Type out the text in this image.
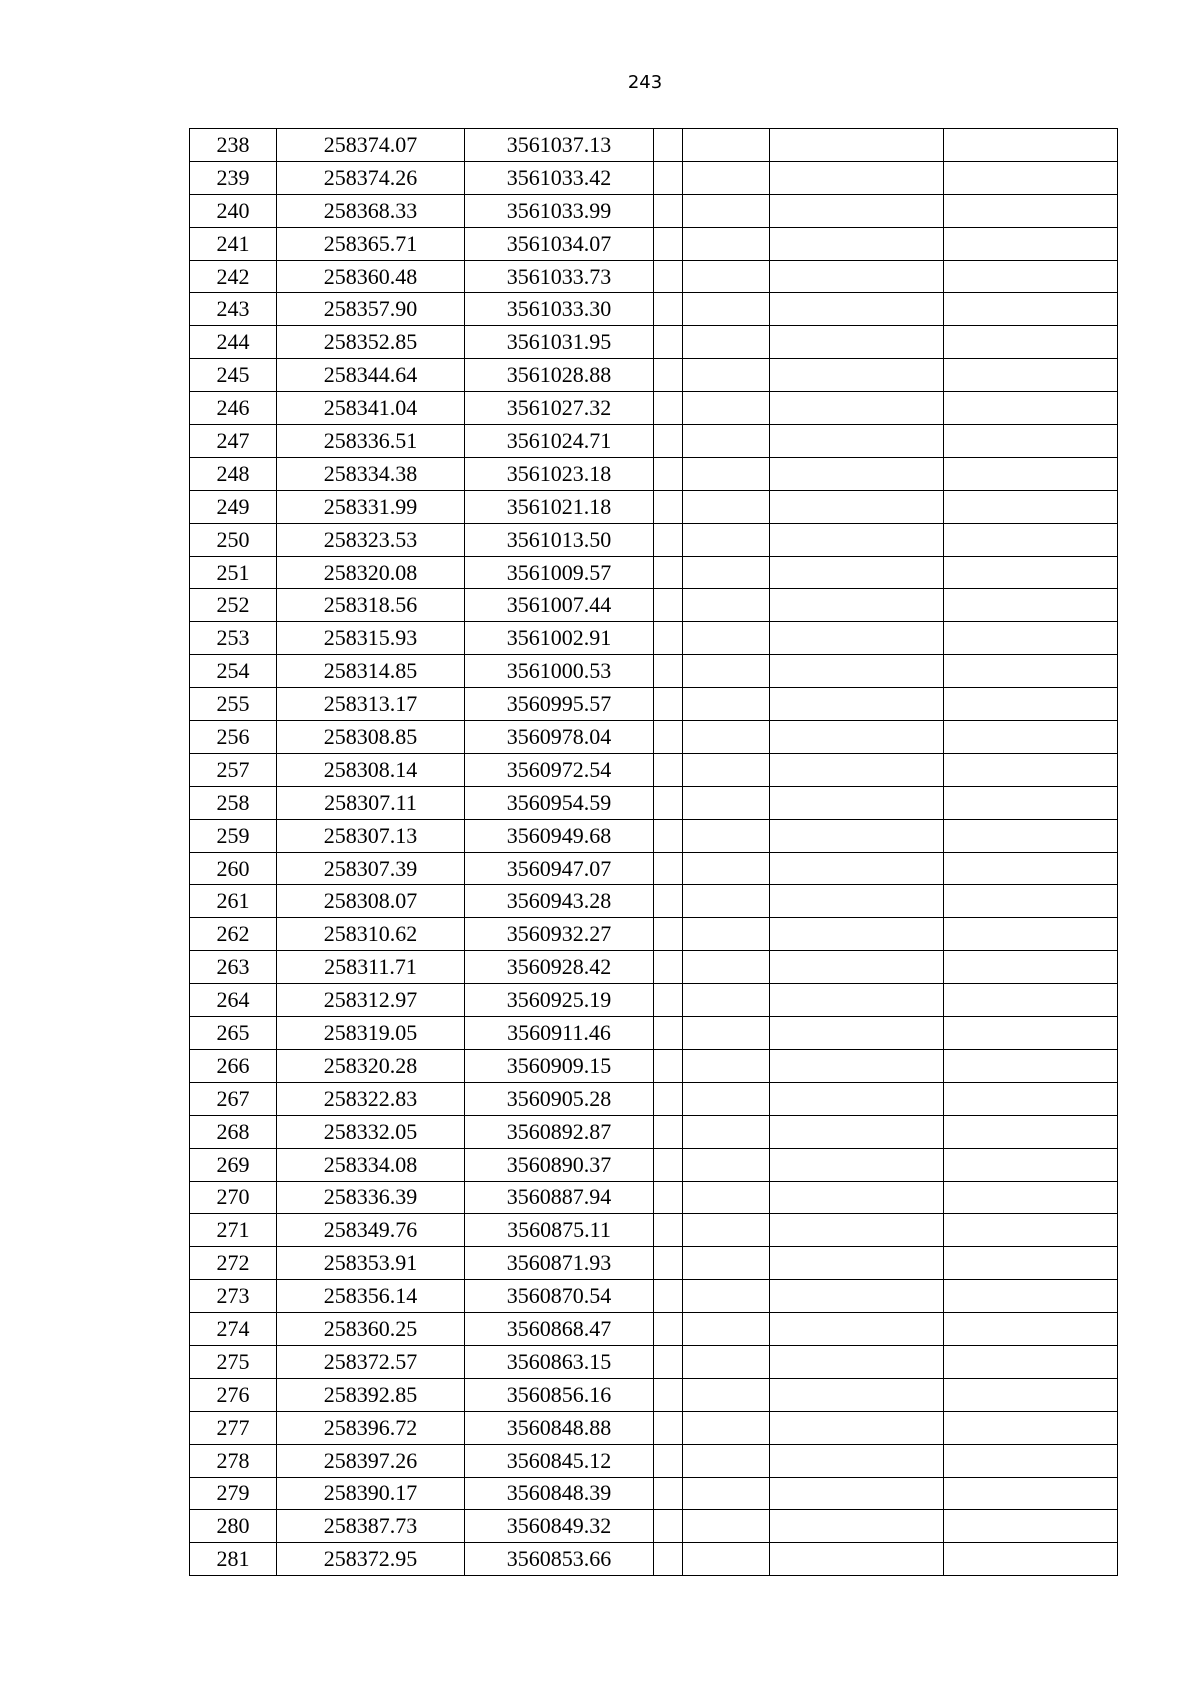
243
238	258374.07	3561037.13				
239	258374.26	3561033.42				
240	258368.33	3561033.99				
241	258365.71	3561034.07				
242	258360.48	3561033.73				
243	258357.90	3561033.30				
244	258352.85	3561031.95				
245	258344.64	3561028.88				
246	258341.04	3561027.32				
247	258336.51	3561024.71				
248	258334.38	3561023.18				
249	258331.99	3561021.18				
250	258323.53	3561013.50				
251	258320.08	3561009.57				
252	258318.56	3561007.44				
253	258315.93	3561002.91				
254	258314.85	3561000.53				
255	258313.17	3560995.57				
256	258308.85	3560978.04				
257	258308.14	3560972.54				
258	258307.11	3560954.59				
259	258307.13	3560949.68				
260	258307.39	3560947.07				
261	258308.07	3560943.28				
262	258310.62	3560932.27				
263	258311.71	3560928.42				
264	258312.97	3560925.19				
265	258319.05	3560911.46				
266	258320.28	3560909.15				
267	258322.83	3560905.28				
268	258332.05	3560892.87				
269	258334.08	3560890.37				
270	258336.39	3560887.94				
271	258349.76	3560875.11				
272	258353.91	3560871.93				
273	258356.14	3560870.54				
274	258360.25	3560868.47				
275	258372.57	3560863.15				
276	258392.85	3560856.16				
277	258396.72	3560848.88				
278	258397.26	3560845.12				
279	258390.17	3560848.39				
280	258387.73	3560849.32				
281	258372.95	3560853.66				
